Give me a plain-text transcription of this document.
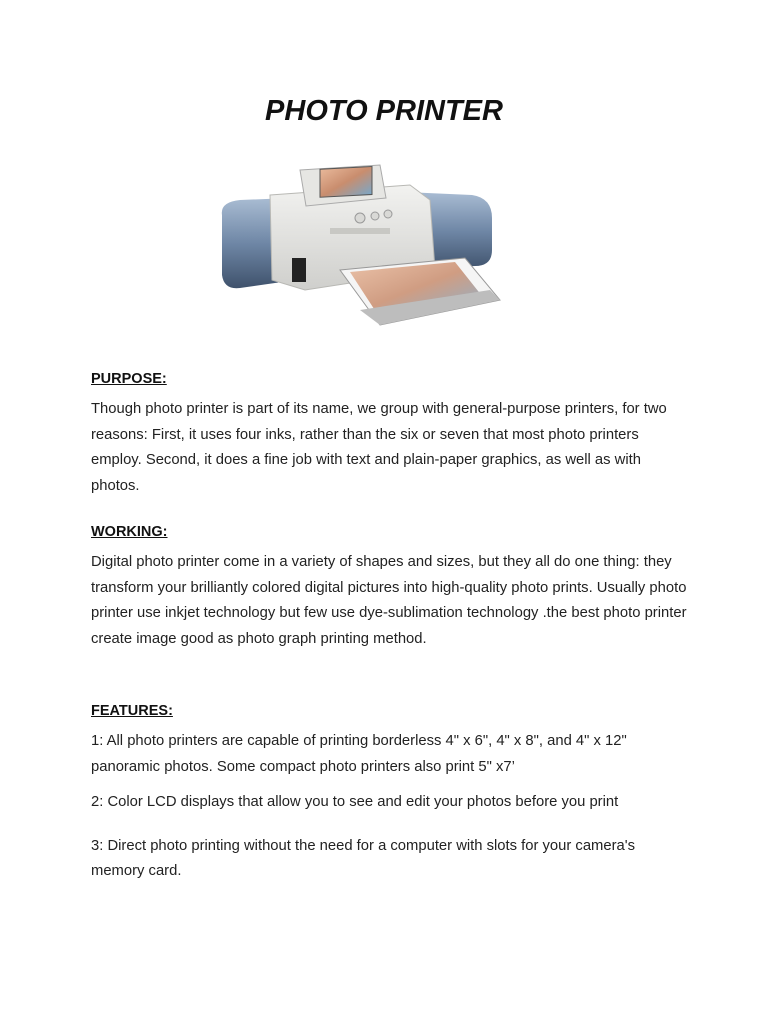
PHOTO PRINTER

PURPOSE:

Though photo printer is part of its name, we group with general-purpose printers, for two reasons: First, it uses four inks, rather than the six or seven that most photo printers employ. Second, it does a fine job with text and plain-paper graphics, as well as with photos.

WORKING:

Digital photo printer come in a variety of shapes and sizes, but they all do one thing: they transform your brilliantly colored digital pictures into high-quality photo prints. Usually photo printer use inkjet technology but few use dye-sublimation technology .the best photo printer create image good as photo graph printing method.

FEATURES:

1: All photo printers are capable of printing borderless 4" x 6", 4" x 8", and 4" x 12" panoramic photos. Some compact photo printers also print 5" x7’

2: Color LCD displays that allow you to see and edit your photos before you print

3: Direct photo printing without the need for a computer with slots for your camera's memory card.
